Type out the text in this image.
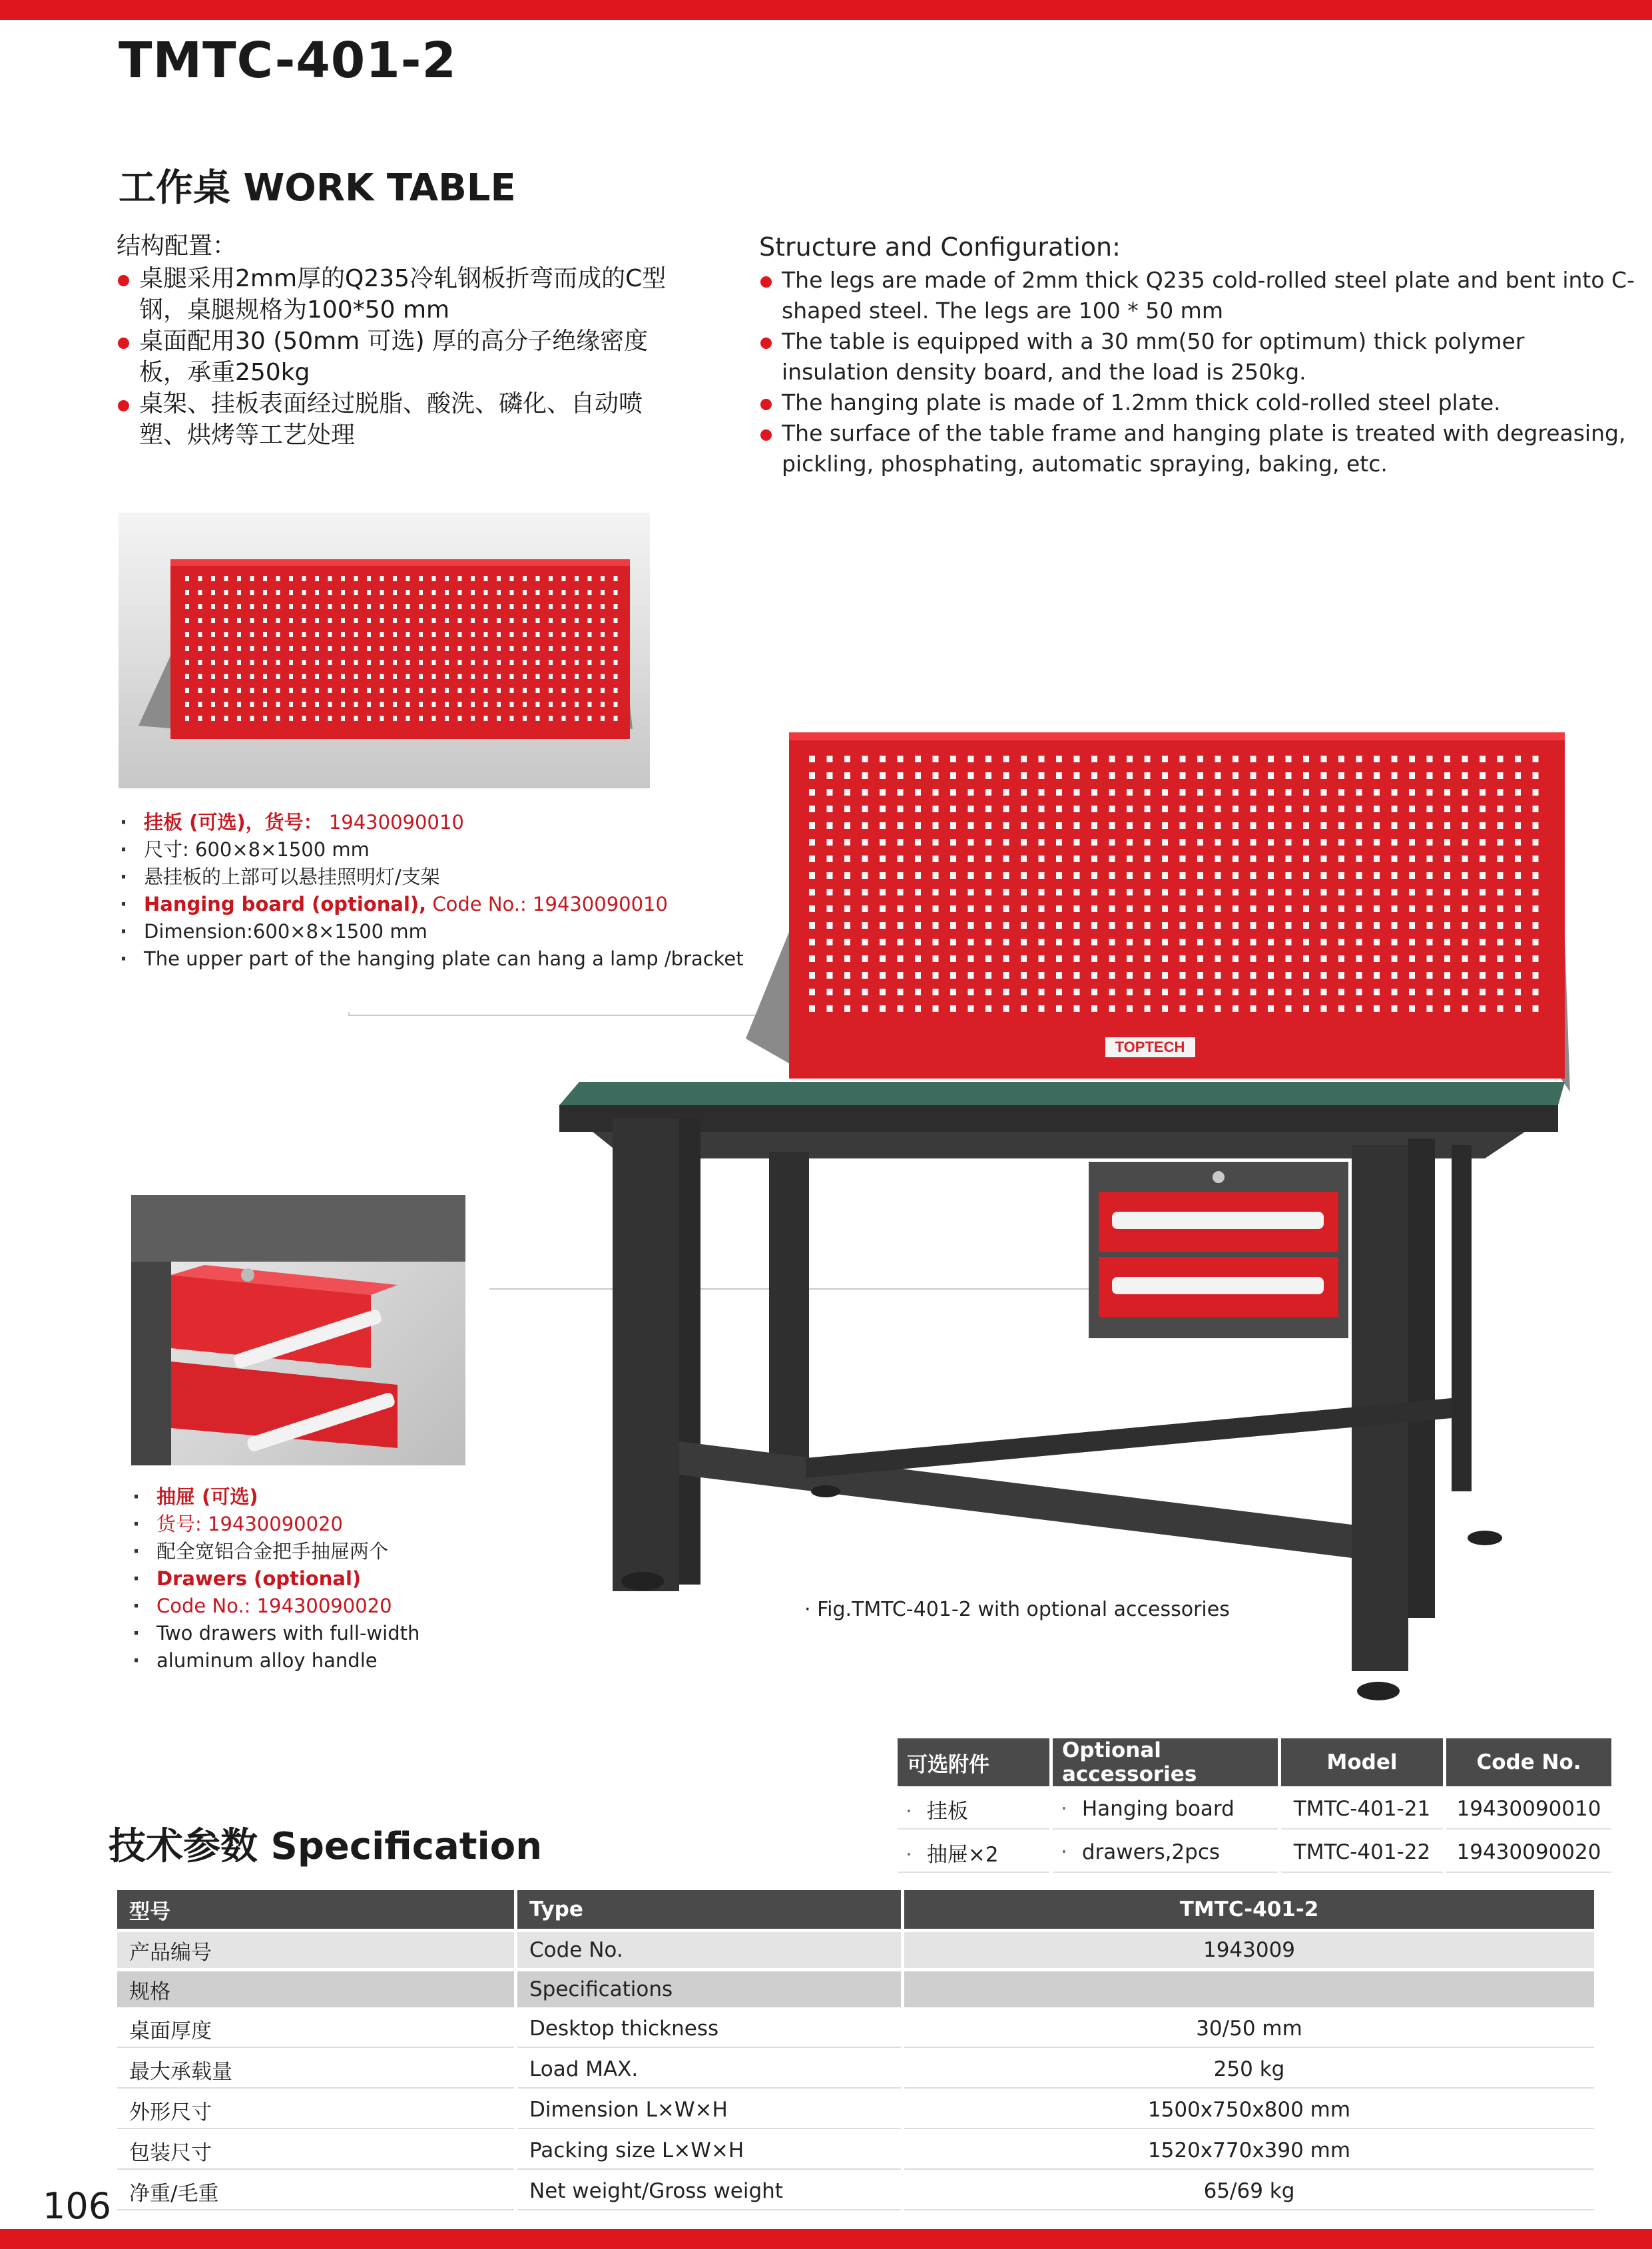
TMTC-401-2
工作桌 WORK TABLE
结构配置：
桌腿采用2mm厚的Q235冷轧钢板折弯而成的C型钢，桌腿规格为100*50 mm
桌面配用30 (50mm 可选) 厚的高分子绝缘密度板，承重250kg
桌架、挂板表面经过脱脂、酸洗、磷化、自动喷塑、烘烤等工艺处理
Structure and Configuration:
The legs are made of 2mm thick Q235 cold-rolled steel plate and bent into C-shaped steel. The legs are 100 * 50 mm
The table is equipped with a 30 mm(50 for optimum) thick polymer insulation density board, and the load is 250kg.
The hanging plate is made of 1.2mm thick cold-rolled steel plate.
The surface of the table frame and hanging plate is treated with degreasing, pickling, phosphating, automatic spraying, baking, etc.
· 挂板 (可选)，货号： 19430090010
· 尺寸: 600×8×1500 mm
· 悬挂板的上部可以悬挂照明灯/支架
· Hanging board (optional), Code No.: 19430090010
· Dimension:600×8×1500 mm
· The upper part of the hanging plate can hang a lamp /bracket
· 抽屉 (可选)
· 货号: 19430090020
· 配全宽铝合金把手抽屉两个
· Drawers (optional)
· Code No.: 19430090020
· Two drawers with full-width
· aluminum alloy handle
TOPTECH
· Fig.TMTC-401-2 with optional accessories
可选附件	Optional accessories	Model	Code No.
· 挂板	· Hanging board	TMTC-401-21	19430090010
· 抽屉×2	· drawers,2pcs	TMTC-401-22	19430090020
技术参数 Specification
型号	Type	TMTC-401-2
产品编号	Code No.	1943009
规格	Specifications	
桌面厚度	Desktop thickness	30/50 mm
最大承载量	Load MAX.	250 kg
外形尺寸	Dimension L×W×H	1500x750x800 mm
包装尺寸	Packing size L×W×H	1520x770x390 mm
净重/毛重	Net weight/Gross weight	65/69 kg
106
